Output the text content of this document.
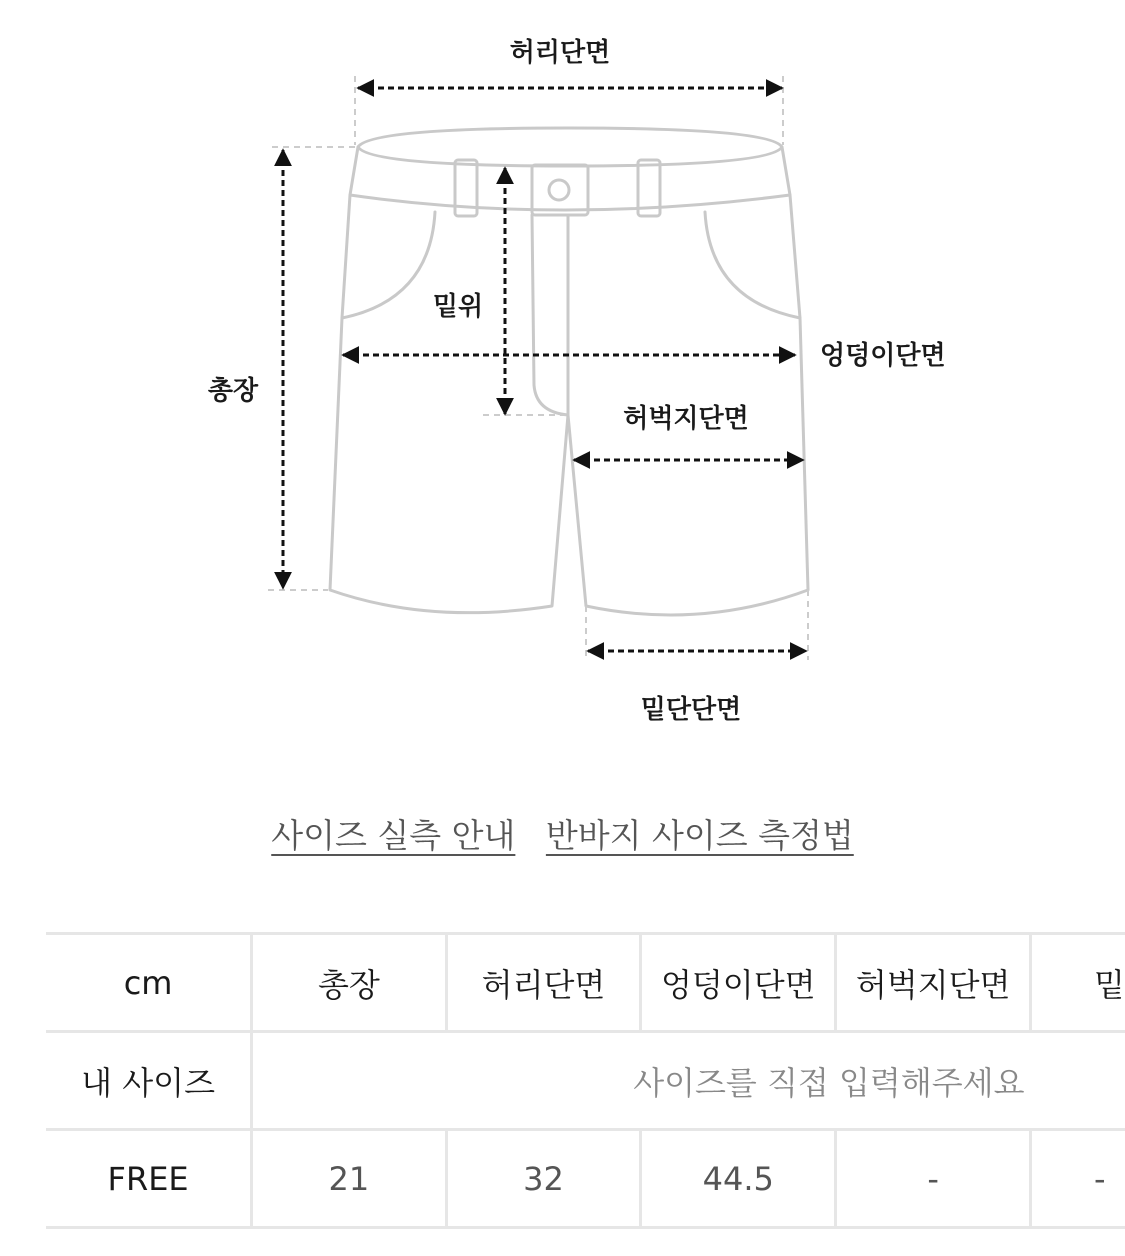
허리단면
밑위
엉덩이단면
총장
허벅지단면
밑단단면
사이즈 실측 안내 반바지 사이즈 측정법
cm	총장	허리단면	엉덩이단면	허벅지단면	밑
내 사이즈	사이즈를 직접 입력해주세요				
FREE	21	32	44.5	-	-
